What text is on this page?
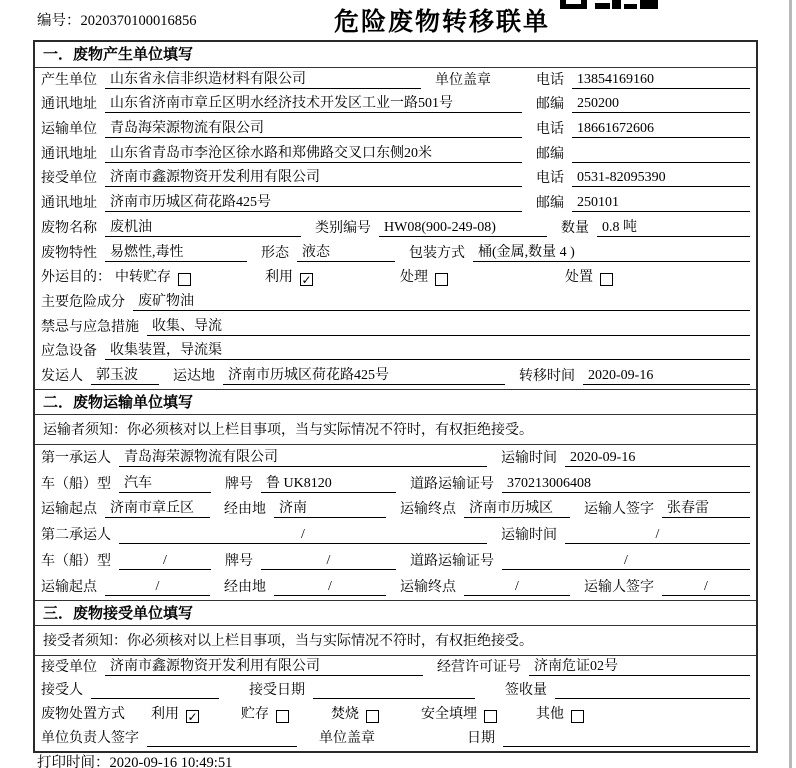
编号：2020370100016856	危险废物转移联单
一．废物产生单位填写
产生单位 山东省永信非织造材料有限公司	单位盖章	电话 13854169160
通讯地址 山东省济南市章丘区明水经济技术开发区工业一路501号	邮编 250200
运输单位 青岛海荣源物流有限公司	电话 18661672606
通讯地址 山东省青岛市李沧区徐水路和郑佛路交叉口东侧20米	邮编
接受单位 济南市鑫源物资开发利用有限公司	电话 0531-82095390
通讯地址 济南市历城区荷花路425号	邮编 250101
废物名称 废机油	类别编号 HW08(900-249-08)	数量 0.8 吨
废物特性 易燃性,毒性	形态 液态	包装方式 桶(金属,数量 4 )
外运目的： 中转贮存	利用 ✓	处理	处置
主要危险成分 废矿物油
禁忌与应急措施 收集、导流
应急设备 收集装置，导流渠
发运人 郭玉波	运达地 济南市历城区荷花路425号	转移时间 2020-09-16
二．废物运输单位填写
运输者须知：你必须核对以上栏目事项，当与实际情况不符时，有权拒绝接受。
第一承运人 青岛海荣源物流有限公司	运输时间 2020-09-16
车（船）型 汽车	牌号 鲁 UK8120	道路运输证号 370213006408
运输起点 济南市章丘区	经由地 济南	运输终点 济南市历城区	运输人签字 张春雷
第二承运人	/	运输时间	/
车（船）型	/	牌号	/	道路运输证号	/
运输起点	/	经由地	/	运输终点	/	运输人签字	/
三．废物接受单位填写
接受者须知：你必须核对以上栏目事项，当与实际情况不符时，有权拒绝接受。
接受单位 济南市鑫源物资开发利用有限公司	经营许可证号 济南危证02号
接受人	接受日期	签收量
废物处置方式 利用 ✓	贮存	焚烧	安全填埋	其他
单位负责人签字	单位盖章	日期
打印时间：2020-09-16 10:49:51
